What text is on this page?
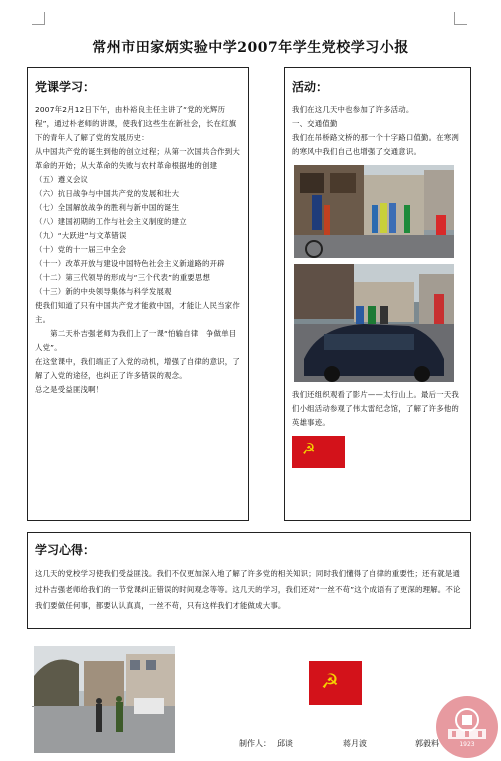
常州市田家炳实验中学2007年学生党校学习小报
党课学习：

2007年2月12日下午，由朴裕良主任主讲了“党的光辉历程”，通过朴老师的讲课，使我们这些生在新社会，长在红旗下的青年人了解了党的发展历史：

从中国共产党的诞生到他的创立过程；从第一次国共合作到大革命的开始；从大革命的失败与农村革命根据地的创建

（五）遵义会议

（六）抗日战争与中国共产党的发展和壮大

（七）全国解放战争的胜利与新中国的诞生

（八）建国初期的工作与社会主义制度的建立

（九）“大跃进”与文革错误

（十）党的十一届三中全会

（十一）改革开放与建设中国特色社会主义新道路的开辟

（十二）第三代领导的形成与“三个代表”的重要思想

（十三）新的中央领导集体与科学发展观

使我们知道了只有中国共产党才能救中国，才能让人民当家作主。

　　第二天朴吉强老师为我们上了一课“怕输自律　争做单目人党”。

在这堂课中，我们端正了入党的动机，增强了自律的意识，了解了入党的途径，也纠正了许多错误的观念。

总之是受益匪浅啊！

活动：

我们在这几天中也参加了许多活动。

一、交通值勤

我们在吊桥路文桥的那一个十字路口值勤。在寒冽的寒风中我们自己也增强了交通意识。

我们还组织观看了影片——太行山上。最后一天我们小组活动参观了伟太雷纪念馆，了解了许多他的英雄事迹。

☭
学习心得：

这几天的党校学习使我们受益匪浅。我们不仅更加深入地了解了许多党的相关知识；同时我们懂得了自律的重要性；还有就是通过朴吉强老师给我们的一节党课纠正错误的时间观念等等。这几天的学习，我们还对“一丝不苟”这个成语有了更深的理解。不论我们要做任何事，都要认认真真，一丝不苟，只有这样我们才能做成大事。

☭
制作人： 邱谈	蒋月波	郭毅料	1923
